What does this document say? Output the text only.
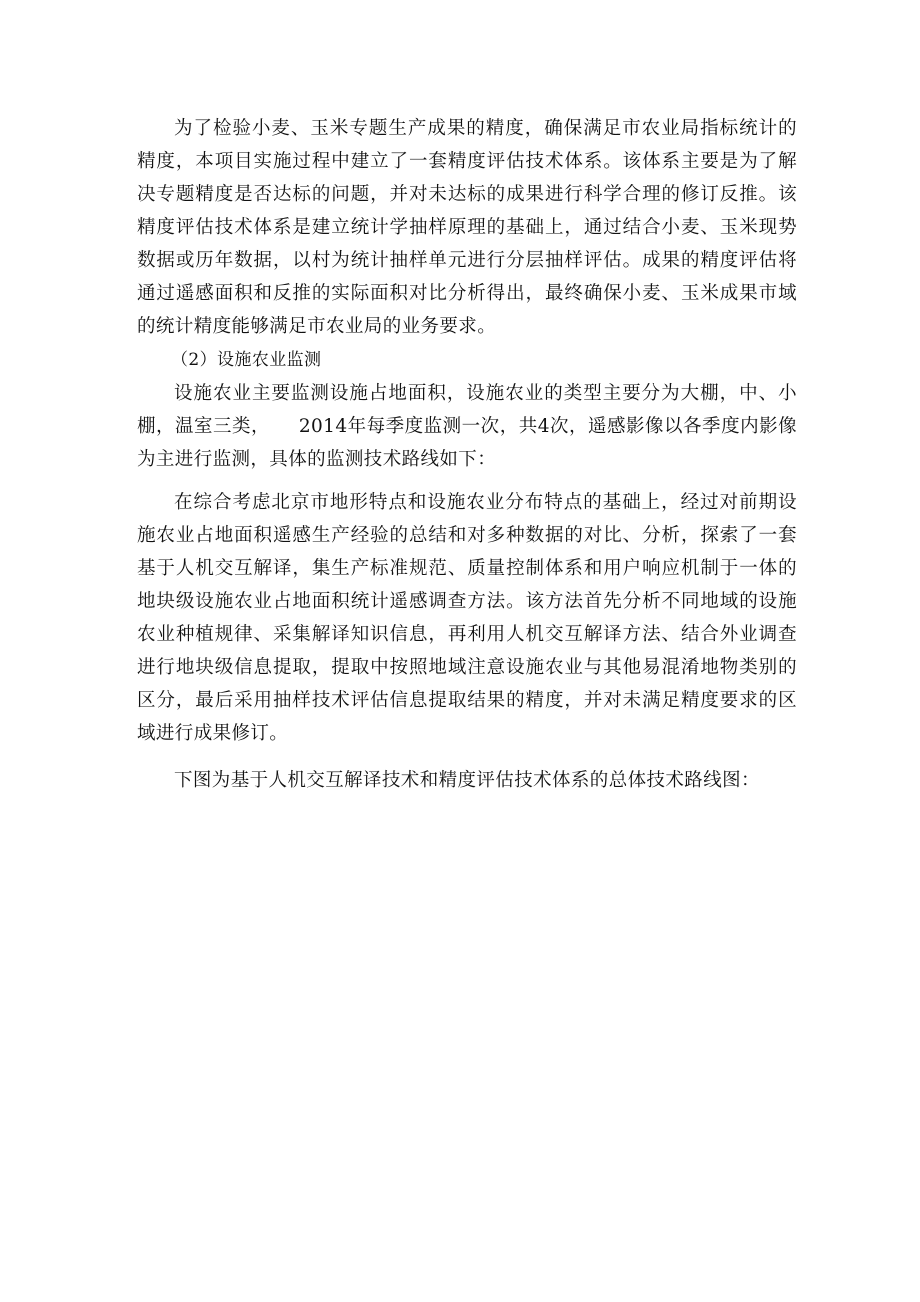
为了检验小麦、玉米专题生产成果的精度，确保满足市农业局指标统计的精度，本项目实施过程中建立了一套精度评估技术体系。该体系主要是为了解决专题精度是否达标的问题，并对未达标的成果进行科学合理的修订反推。该精度评估技术体系是建立统计学抽样原理的基础上，通过结合小麦、玉米现势数据或历年数据，以村为统计抽样单元进行分层抽样评估。成果的精度评估将通过遥感面积和反推的实际面积对比分析得出，最终确保小麦、玉米成果市域的统计精度能够满足市农业局的业务要求。

（2）设施农业监测

设施农业主要监测设施占地面积，设施农业的类型主要分为大棚，中、小棚，温室三类，　　2014年每季度监测一次，共4次，遥感影像以各季度内影像为主进行监测，具体的监测技术路线如下：

在综合考虑北京市地形特点和设施农业分布特点的基础上，经过对前期设施农业占地面积遥感生产经验的总结和对多种数据的对比、分析，探索了一套基于人机交互解译，集生产标准规范、质量控制体系和用户响应机制于一体的地块级设施农业占地面积统计遥感调查方法。该方法首先分析不同地域的设施农业种植规律、采集解译知识信息，再利用人机交互解译方法、结合外业调查进行地块级信息提取，提取中按照地域注意设施农业与其他易混淆地物类别的区分，最后采用抽样技术评估信息提取结果的精度，并对未满足精度要求的区域进行成果修订。

下图为基于人机交互解译技术和精度评估技术体系的总体技术路线图：
